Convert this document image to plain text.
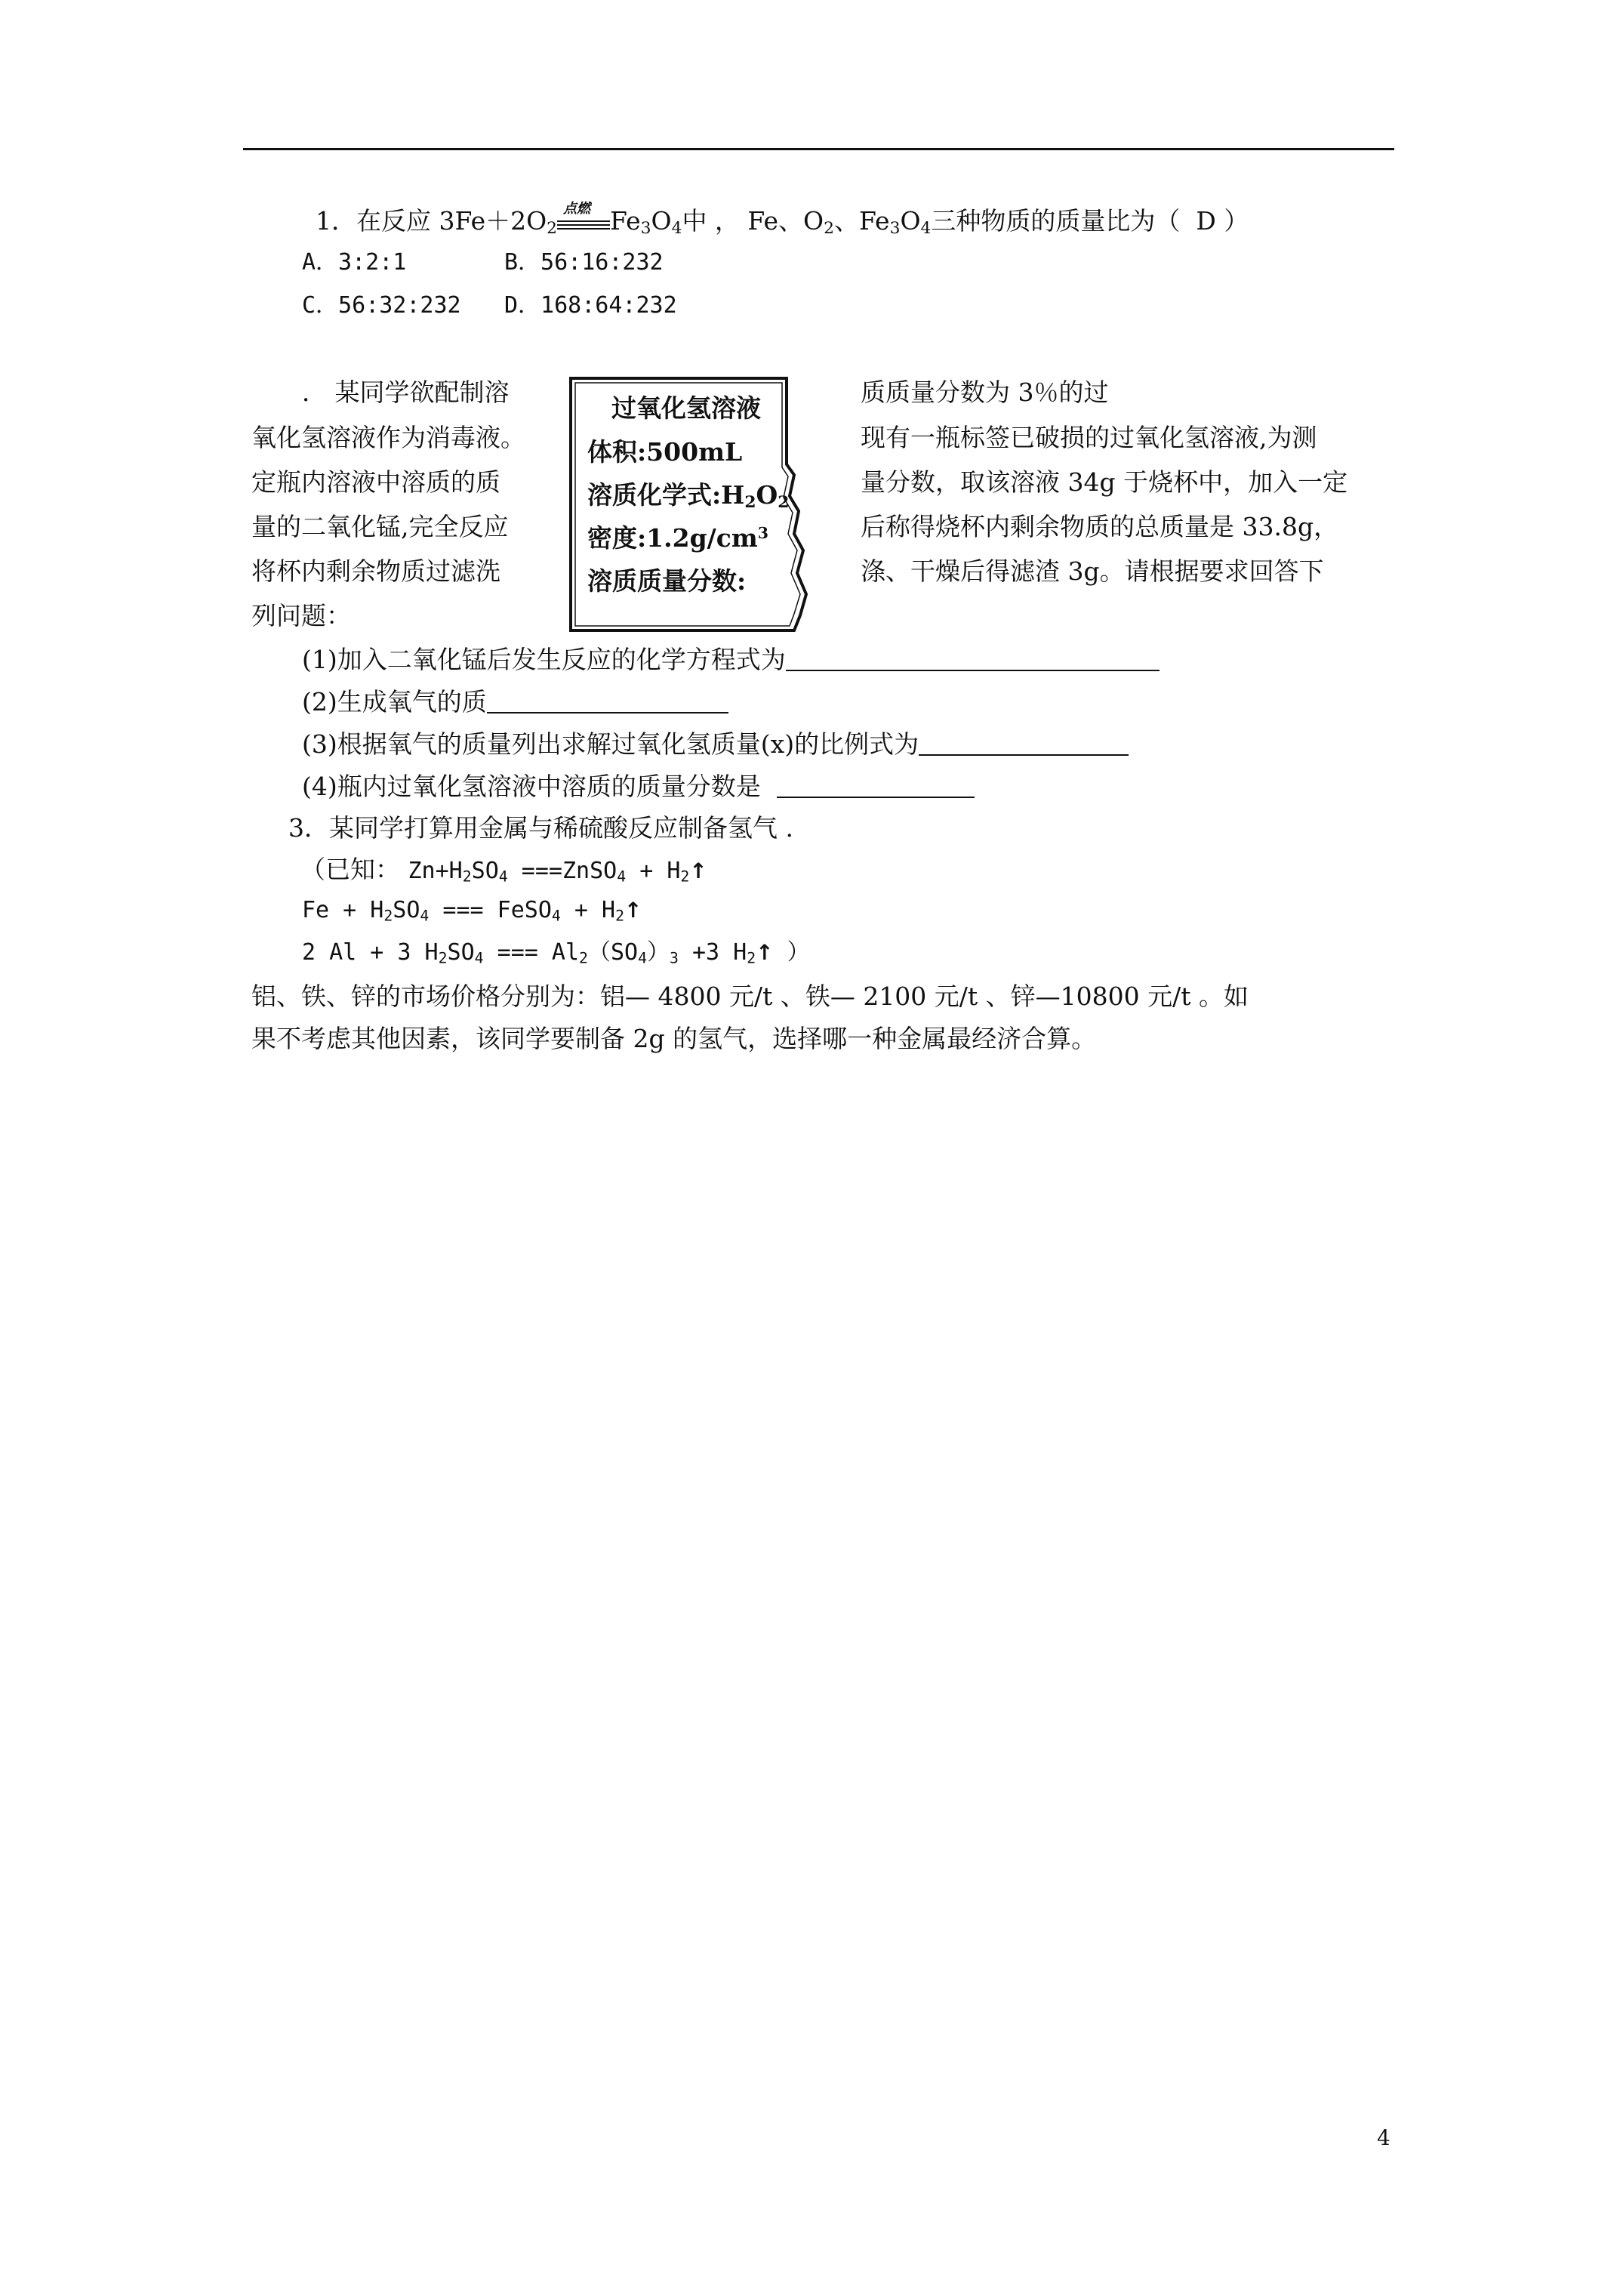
1．在反应 $3Fe+2O_2$
点燃 $Fe_3O_4$中 ， Fe、$O_2$、$Fe_3O_4$三种物质的质量比为（ D ）
A．3:2:1	B．56:16:232
C．56:32:232 D．168:64:232
． 某同学欲配制溶
氧化氢溶液作为消毒液。
定瓶内溶液中溶质的质
量的二氧化锰,完全反应
将杯内剩余物质过滤洗
质质量分数为 3％的过
现有一瓶标签已破损的过氧化氢溶液,为测
量分数，取该溶液 34g 于烧杯中，加入一定
后称得烧杯内剩余物质的总质量是 33.8g，
涤、干燥后得滤渣 3g。请根据要求回答下
过氧化氢溶液
体积:500mL
溶质化学式$:H_2O_2$
密度$:1.2g/cm^3$
溶质质量分数:
列问题：
(1)加入二氧化锰后发生反应的化学方程式为
(2)生成氧气的质
(3)根据氧气的质量列出求解过氧化氢质量(x)的比例式为
(4)瓶内过氧化氢溶液中溶质的质量分数是
3．某同学打算用金属与稀硫酸反应制备氢气 .
（已知： $Zn+H_2SO_4$ ===ZnSO$_4$ + $H_2↑$
$Fe + H_2SO_4$ === FeSO$_4$ + $H_2↑$
2 Al + 3 $H_2SO_4$ === $Al_2(SO_4)_3 +3$ $H_2↑$ ）
铝、铁、锌的市场价格分别为：铝— 4800 元/t 、铁— 2100 元/t 、锌—10800 元/t 。如
果不考虑其他因素，该同学要制备 2g 的氢气，选择哪一种金属最经济合算。
4
